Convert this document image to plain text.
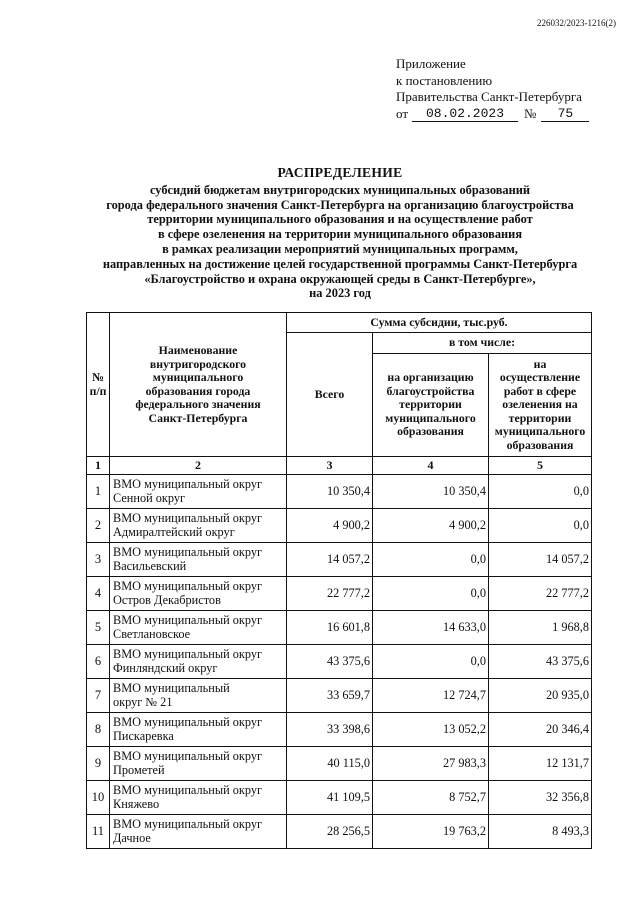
226032/2023-1216(2)
Приложение
к постановлению
Правительства Санкт-Петербурга
от	08.02.2023	№	75
РАСПРЕДЕЛЕНИЕ
субсидий бюджетам внутригородских муниципальных образований
города федерального значения Санкт-Петербурга на организацию благоустройства
территории муниципального образования и на осуществление работ
в сфере озеленения на территории муниципального образования
в рамках реализации мероприятий муниципальных программ,
направленных на достижение целей государственной программы Санкт-Петербурга
«Благоустройство и охрана окружающей среды в Санкт-Петербурге»,
на 2023 год
№
п/п	Наименование внутригородского муниципального образования города федерального значения Санкт-Петербурга	Сумма субсидии, тыс.руб.		
		Всего	в том числе:	
			на организацию благоустройства территории муниципального образования	на осуществление работ в сфере озеленения на территории муниципального образования
1	2	3	4	5
1	ВМО муниципальный округ Сенной округ	10 350,4	10 350,4	0,0
2	ВМО муниципальный округ Адмиралтейский округ	4 900,2	4 900,2	0,0
3	ВМО муниципальный округ Васильевский	14 057,2	0,0	14 057,2
4	ВМО муниципальный округ Остров Декабристов	22 777,2	0,0	22 777,2
5	ВМО муниципальный округ Светлановское	16 601,8	14 633,0	1 968,8
6	ВМО муниципальный округ Финляндский округ	43 375,6	0,0	43 375,6
7	ВМО муниципальный округ № 21	33 659,7	12 724,7	20 935,0
8	ВМО муниципальный округ Пискаревка	33 398,6	13 052,2	20 346,4
9	ВМО муниципальный округ Прометей	40 115,0	27 983,3	12 131,7
10	ВМО муниципальный округ Княжево	41 109,5	8 752,7	32 356,8
11	ВМО муниципальный округ Дачное	28 256,5	19 763,2	8 493,3
